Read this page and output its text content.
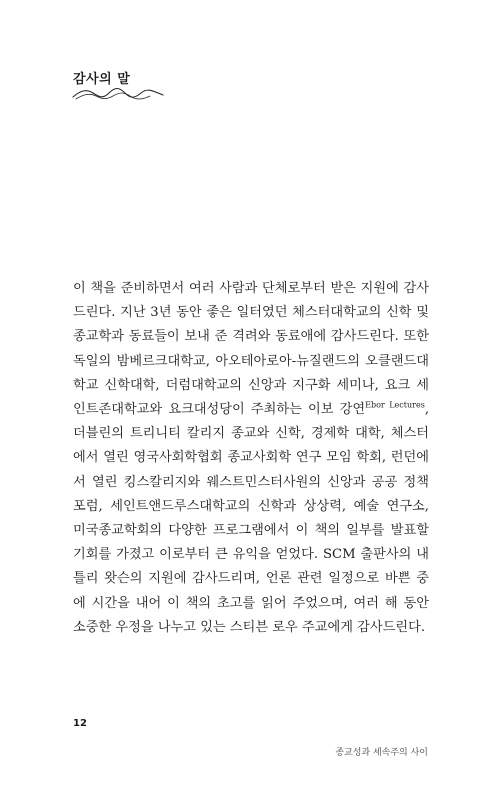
감사의 말

이 책을 준비하면서 여러 사람과 단체로부터 받은 지원에 감사드린다. 지난 3년 동안 좋은 일터였던 체스터대학교의 신학 및 종교학과 동료들이 보내 준 격려와 동료애에 감사드린다. 또한 독일의 밤베르크대학교, 아오테아로아-뉴질랜드의 오클랜드대학교 신학대학, 더럼대학교의 신앙과 지구화 세미나, 요크 세인트존대학교와 요크대성당이 주최하는 이보 강연$^{Ebor Lectures}$, 더블린의 트리니티 칼리지 종교와 신학, 경제학 대학, 체스터에서 열린 영국사회학협회 종교사회학 연구 모임 학회, 런던에서 열린 킹스칼리지와 웨스트민스터사원의 신앙과 공공 정책 포럼, 세인트앤드루스대학교의 신학과 상상력, 예술 연구소, 미국종교학회의 다양한 프로그램에서 이 책의 일부를 발표할 기회를 가졌고 이로부터 큰 유익을 얻었다. SCM 출판사의 내틀리 왓슨의 지원에 감사드리며, 언론 관련 일정으로 바쁜 중에 시간을 내어 이 책의 초고를 읽어 주었으며, 여러 해 동안 소중한 우정을 나누고 있는 스티븐 로우 주교에게 감사드린다.

12
종교성과 세속주의 사이
